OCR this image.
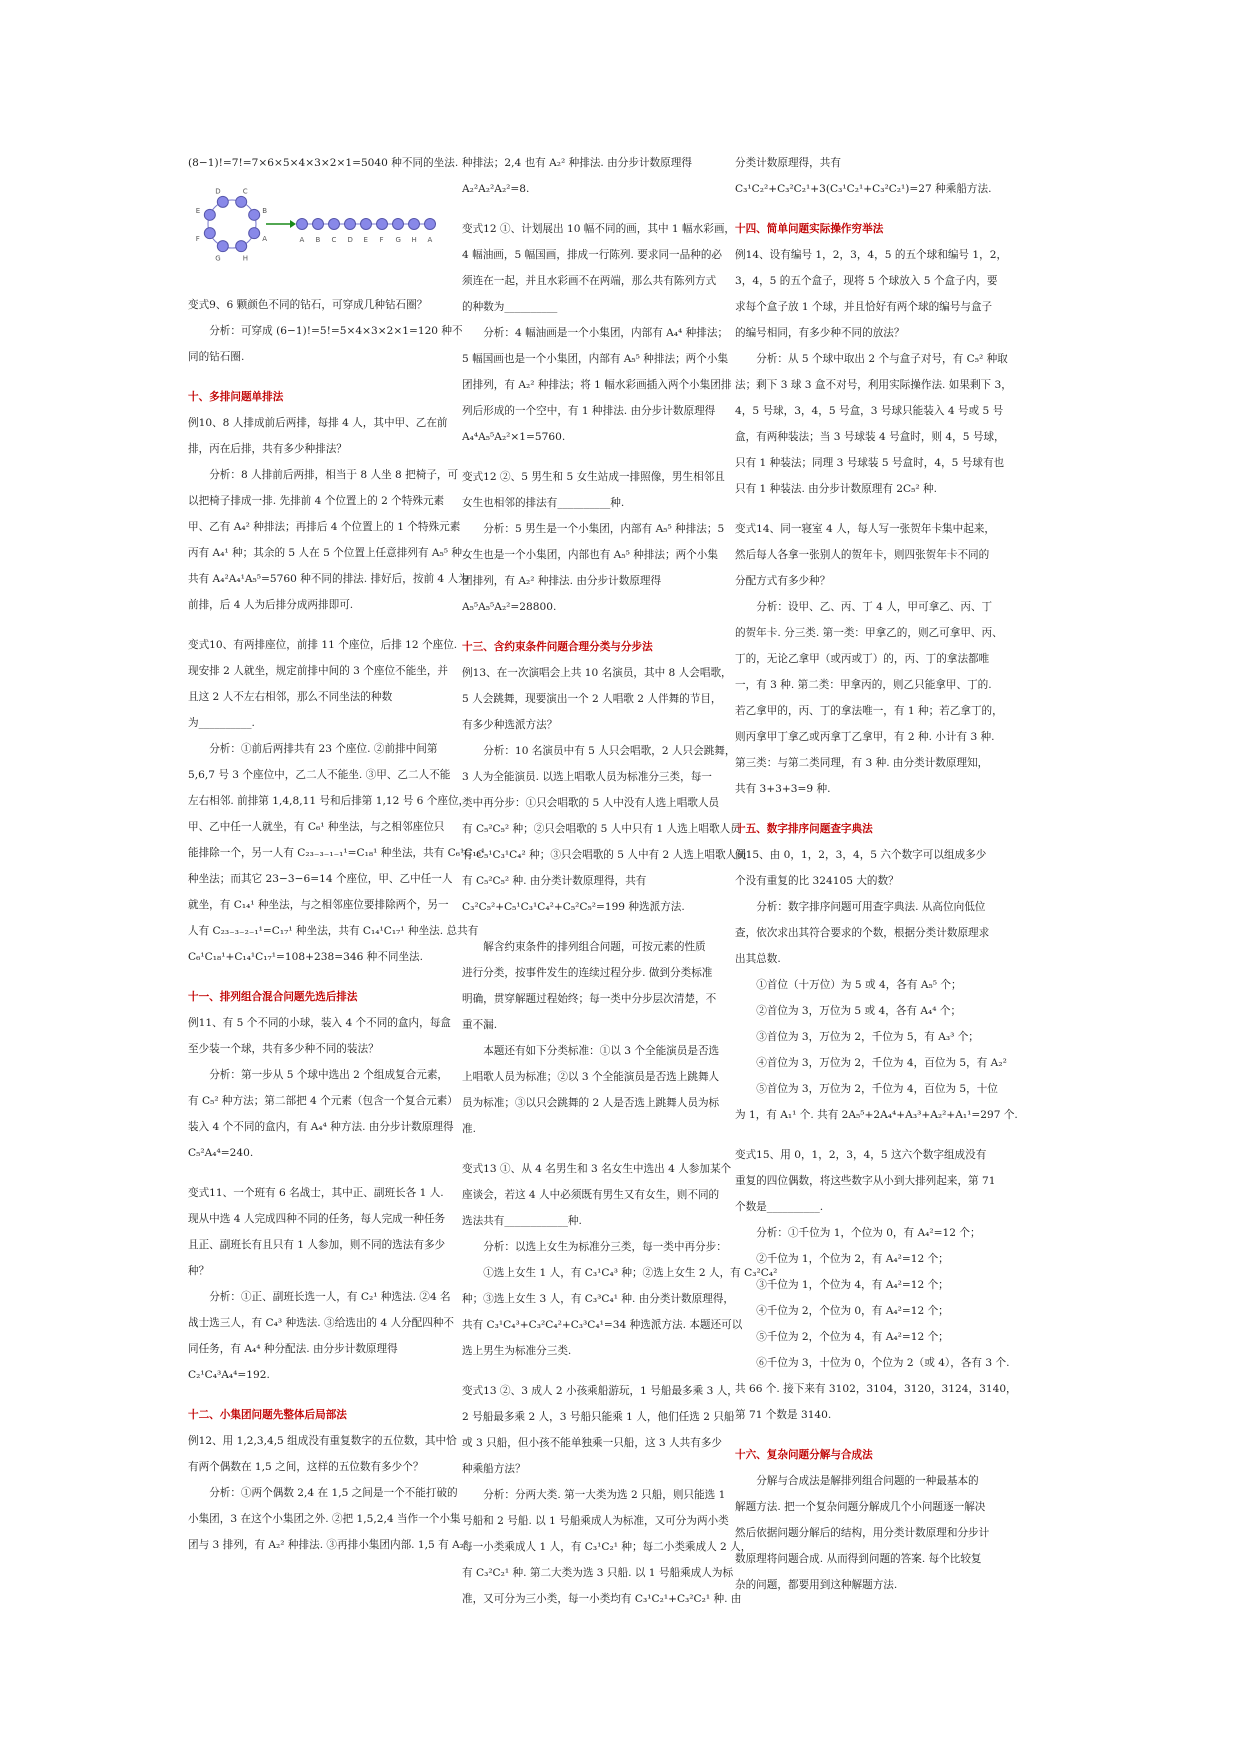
(8−1)!=7!=7×6×5×4×3×2×1=5040 种不同的坐法.

C
B
A
H
G
F
E
D
A B C D E F G H A

变式9、6 颗颜色不同的钻石，可穿成几种钻石圈？

分析：可穿成 (6−1)!=5!=5×4×3×2×1=120 种不

同的钻石圈.

十、多排问题单排法

例10、8 人排成前后两排，每排 4 人，其中甲、乙在前

排，丙在后排，共有多少种排法？

分析：8 人排前后两排，相当于 8 人坐 8 把椅子，可

以把椅子排成一排. 先排前 4 个位置上的 2 个特殊元素

甲、乙有 A₄² 种排法；再排后 4 个位置上的 1 个特殊元素

丙有 A₄¹ 种；其余的 5 人在 5 个位置上任意排列有 A₅⁵ 种.

共有 A₄²A₄¹A₅⁵=5760 种不同的排法. 排好后，按前 4 人为

前排，后 4 人为后排分成两排即可.

变式10、有两排座位，前排 11 个座位，后排 12 个座位.

现安排 2 人就坐，规定前排中间的 3 个座位不能坐，并

且这 2 人不左右相邻，那么不同坐法的种数

为__________.

分析：①前后两排共有 23 个座位. ②前排中间第

5,6,7 号 3 个座位中，乙二人不能坐. ③甲、乙二人不能

左右相邻. 前排第 1,4,8,11 号和后排第 1,12 号 6 个座位，

甲、乙中任一人就坐，有 C₆¹ 种坐法，与之相邻座位只

能排除一个，另一人有 C₂₃₋₃₋₁₋₁¹=C₁₈¹ 种坐法，共有 C₆¹C₁₈¹

种坐法；而其它 23−3−6=14 个座位，甲、乙中任一人

就坐，有 C₁₄¹ 种坐法，与之相邻座位要排除两个，另一

人有 C₂₃₋₃₋₂₋₁¹=C₁₇¹ 种坐法，共有 C₁₄¹C₁₇¹ 种坐法. 总共有

C₆¹C₁₈¹+C₁₄¹C₁₇¹=108+238=346 种不同坐法.

十一、排列组合混合问题先选后排法

例11、有 5 个不同的小球，装入 4 个不同的盒内，每盒

至少装一个球，共有多少种不同的装法？

分析：第一步从 5 个球中选出 2 个组成复合元素，

有 C₅² 种方法；第二部把 4 个元素（包含一个复合元素）

装入 4 个不同的盒内，有 A₄⁴ 种方法. 由分步计数原理得

C₅²A₄⁴=240.

变式11、一个班有 6 名战士，其中正、副班长各 1 人.

现从中选 4 人完成四种不同的任务，每人完成一种任务

且正、副班长有且只有 1 人参加，则不同的选法有多少

种？

分析：①正、副班长选一人，有 C₂¹ 种选法. ②4 名

战士选三人，有 C₄³ 种选法. ③给选出的 4 人分配四种不

同任务，有 A₄⁴ 种分配法. 由分步计数原理得

C₂¹C₄³A₄⁴=192.

十二、小集团问题先整体后局部法

例12、用 1,2,3,4,5 组成没有重复数字的五位数，其中恰

有两个偶数在 1,5 之间，这样的五位数有多少个？

分析：①两个偶数 2,4 在 1,5 之间是一个不能打破的

小集团，3 在这个小集团之外. ②把 1,5,2,4 当作一个小集

团与 3 排列，有 A₂² 种排法. ③再排小集团内部. 1,5 有 A₂²

种排法；2,4 也有 A₂² 种排法. 由分步计数原理得

A₂²A₂²A₂²=8.

变式12 ①、计划展出 10 幅不同的画，其中 1 幅水彩画，

4 幅油画，5 幅国画，排成一行陈列. 要求同一品种的必

须连在一起，并且水彩画不在两端，那么共有陈列方式

的种数为__________

分析：4 幅油画是一个小集团，内部有 A₄⁴ 种排法；

5 幅国画也是一个小集团，内部有 A₅⁵ 种排法；两个小集

团排列，有 A₂² 种排法；将 1 幅水彩画插入两个小集团排

列后形成的一个空中，有 1 种排法. 由分步计数原理得

A₄⁴A₅⁵A₂²×1=5760.

变式12 ②、5 男生和 5 女生站成一排照像，男生相邻且

女生也相邻的排法有__________种.

分析：5 男生是一个小集团，内部有 A₅⁵ 种排法；5

女生也是一个小集团，内部也有 A₅⁵ 种排法；两个小集

团排列，有 A₂² 种排法. 由分步计数原理得

A₅⁵A₅⁵A₂²=28800.

十三、含约束条件问题合理分类与分步法

例13、在一次演唱会上共 10 名演员，其中 8 人会唱歌，

5 人会跳舞，现要演出一个 2 人唱歌 2 人伴舞的节目，

有多少种选派方法？

分析：10 名演员中有 5 人只会唱歌，2 人只会跳舞，

3 人为全能演员. 以选上唱歌人员为标准分三类，每一

类中再分步：①只会唱歌的 5 人中没有人选上唱歌人员

有 C₅²C₅² 种；②只会唱歌的 5 人中只有 1 人选上唱歌人员

有 C₅¹C₃¹C₄² 种；③只会唱歌的 5 人中有 2 人选上唱歌人员

有 C₅²C₅² 种. 由分类计数原理得，共有

C₃²C₅²+C₅¹C₃¹C₄²+C₅²C₅²=199 种选派方法.

解含约束条件的排列组合问题，可按元素的性质

进行分类，按事件发生的连续过程分步. 做到分类标准

明确，贯穿解题过程始终；每一类中分步层次清楚，不

重不漏.

本题还有如下分类标准：①以 3 个全能演员是否选

上唱歌人员为标准；②以 3 个全能演员是否选上跳舞人

员为标准；③以只会跳舞的 2 人是否选上跳舞人员为标

准.

变式13 ①、从 4 名男生和 3 名女生中选出 4 人参加某个

座谈会，若这 4 人中必须既有男生又有女生，则不同的

选法共有____________种.

分析：以选上女生为标准分三类，每一类中再分步：

①选上女生 1 人，有 C₃¹C₄³ 种；②选上女生 2 人，有 C₃²C₄²

种；③选上女生 3 人，有 C₃³C₄¹ 种. 由分类计数原理得，

共有 C₃¹C₄³+C₃²C₄²+C₃³C₄¹=34 种选派方法. 本题还可以

选上男生为标准分三类.

变式13 ②、3 成人 2 小孩乘船游玩，1 号船最多乘 3 人，

2 号船最多乘 2 人，3 号船只能乘 1 人，他们任选 2 只船

或 3 只船，但小孩不能单独乘一只船，这 3 人共有多少

种乘船方法？

分析：分两大类. 第一大类为选 2 只船，则只能选 1

号船和 2 号船. 以 1 号船乘成人为标准，又可分为两小类

每一小类乘成人 1 人，有 C₃¹C₂¹ 种；每二小类乘成人 2 人，

有 C₃²C₂¹ 种. 第二大类为选 3 只船. 以 1 号船乘成人为标

准，又可分为三小类，每一小类均有 C₃¹C₂¹+C₃²C₂¹ 种. 由

分类计数原理得，共有

C₃¹C₂²+C₃²C₂¹+3(C₃¹C₂¹+C₃²C₂¹)=27 种乘船方法.

十四、简单问题实际操作穷举法

例14、设有编号 1，2，3，4，5 的五个球和编号 1，2，

3，4，5 的五个盒子，现将 5 个球放入 5 个盒子内，要

求每个盒子放 1 个球，并且恰好有两个球的编号与盒子

的编号相同，有多少种不同的放法？

分析：从 5 个球中取出 2 个与盒子对号，有 C₅² 种取

法；剩下 3 球 3 盒不对号，利用实际操作法. 如果剩下 3，

4，5 号球，3，4，5 号盒，3 号球只能装入 4 号或 5 号

盒，有两种装法；当 3 号球装 4 号盒时，则 4，5 号球，

只有 1 种装法；同理 3 号球装 5 号盒时，4，5 号球有也

只有 1 种装法. 由分步计数原理有 2C₅² 种.

变式14、同一寝室 4 人，每人写一张贺年卡集中起来，

然后每人各拿一张别人的贺年卡，则四张贺年卡不同的

分配方式有多少种？

分析：设甲、乙、丙、丁 4 人，甲可拿乙、丙、丁

的贺年卡. 分三类. 第一类：甲拿乙的，则乙可拿甲、丙、

丁的，无论乙拿甲（或丙或丁）的，丙、丁的拿法都唯

一，有 3 种. 第二类：甲拿丙的，则乙只能拿甲、丁的.

若乙拿甲的，丙、丁的拿法唯一，有 1 种；若乙拿丁的，

则丙拿甲丁拿乙或丙拿丁乙拿甲，有 2 种. 小计有 3 种.

第三类：与第二类同理，有 3 种. 由分类计数原理知，

共有 3+3+3=9 种.

十五、数字排序问题查字典法

例15、由 0，1，2，3，4，5 六个数字可以组成多少

个没有重复的比 324105 大的数？

分析：数字排序问题可用查字典法. 从高位向低位

查，依次求出其符合要求的个数，根据分类计数原理求

出其总数.

①首位（十万位）为 5 或 4，各有 A₅⁵ 个；

②首位为 3，万位为 5 或 4，各有 A₄⁴ 个；

③首位为 3，万位为 2，千位为 5，有 A₃³ 个；

④首位为 3，万位为 2，千位为 4，百位为 5，有 A₂²

⑤首位为 3，万位为 2，千位为 4，百位为 5，十位

为 1，有 A₁¹ 个. 共有 2A₅⁵+2A₄⁴+A₃³+A₂²+A₁¹=297 个.

变式15、用 0，1，2，3，4，5 这六个数字组成没有

重复的四位偶数，将这些数字从小到大排列起来，第 71

个数是__________.

分析：①千位为 1，个位为 0，有 A₄²=12 个；

②千位为 1，个位为 2，有 A₄²=12 个；

③千位为 1，个位为 4，有 A₄²=12 个；

④千位为 2，个位为 0，有 A₄²=12 个；

⑤千位为 2，个位为 4，有 A₄²=12 个；

⑥千位为 3，十位为 0，个位为 2（或 4），各有 3 个.

共 66 个. 接下来有 3102，3104，3120，3124，3140，

第 71 个数是 3140.

十六、复杂问题分解与合成法

分解与合成法是解排列组合问题的一种最基本的

解题方法. 把一个复杂问题分解成几个小问题逐一解决

然后依据问题分解后的结构，用分类计数原理和分步计

数原理将问题合成. 从而得到问题的答案. 每个比较复

杂的问题，都要用到这种解题方法.
